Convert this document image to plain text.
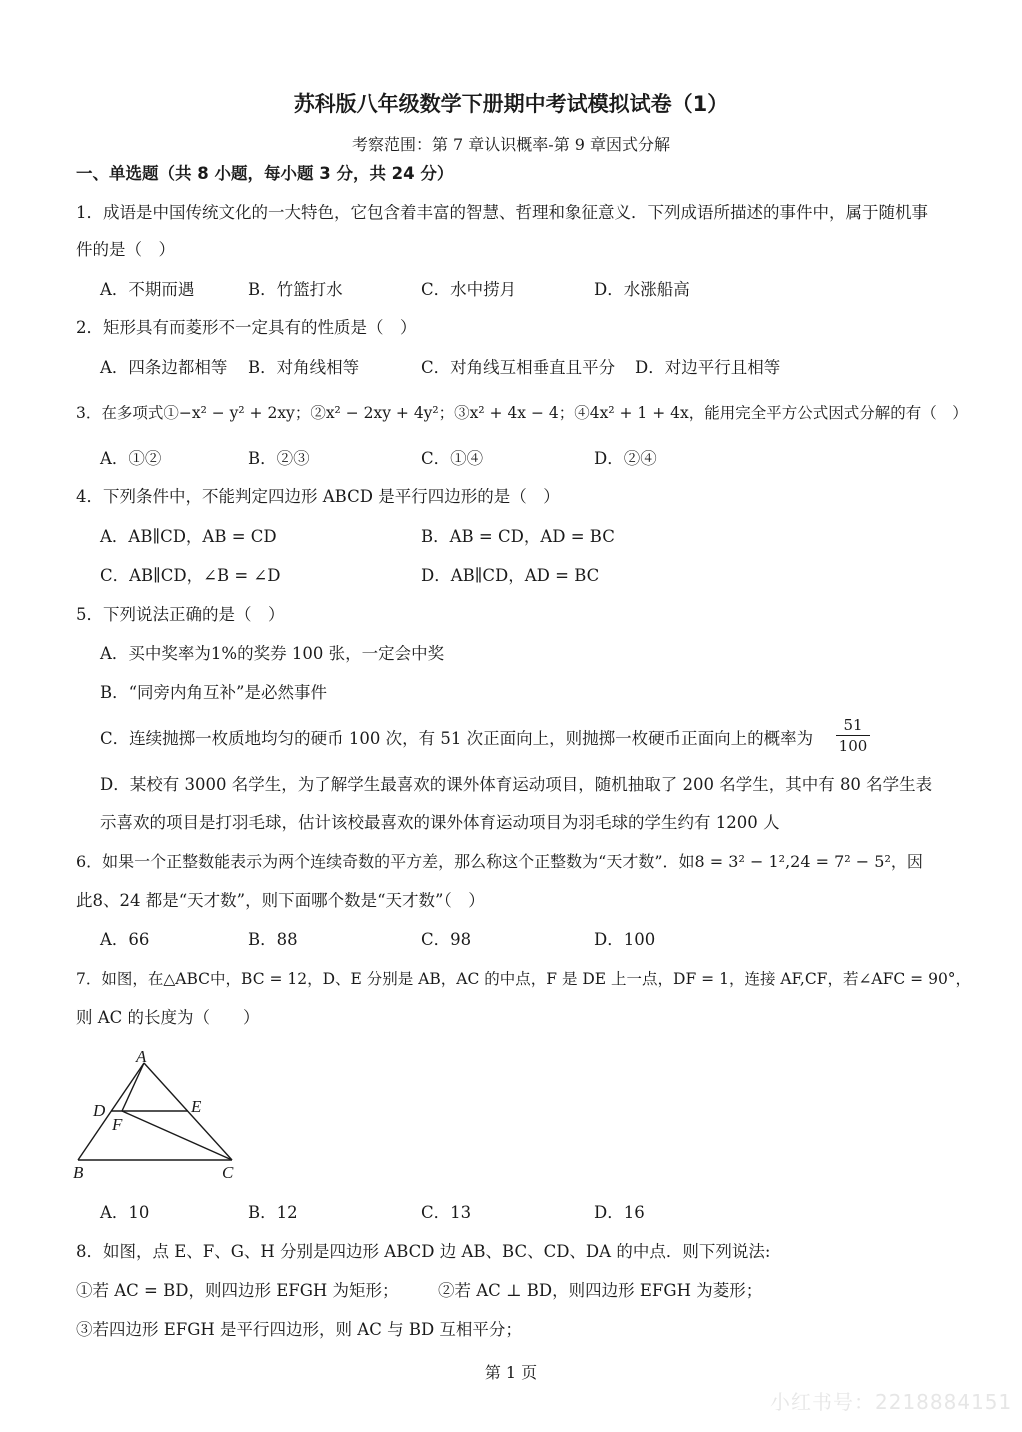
苏科版八年级数学下册期中考试模拟试卷（1）
考察范围：第 7 章认识概率-第 9 章因式分解
一、单选题（共 8 小题，每小题 3 分，共 24 分）
1．成语是中国传统文化的一大特色，它包含着丰富的智慧、哲理和象征意义．下列成语所描述的事件中，属于随机事
件的是（　）
A．不期而遇	B．竹篮打水	C．水中捞月	D．水涨船高
2．矩形具有而菱形不一定具有的性质是（　）
A．四条边都相等 B．对角线相等	C．对角线互相垂直且平分 D．对边平行且相等
3．在多项式①−x² − y² + 2xy；②x² − 2xy + 4y²；③x² + 4x − 4；④4x² + 1 + 4x，能用完全平方公式因式分解的有（　）
A．①②	B．②③	C．①④	D．②④
4．下列条件中，不能判定四边形 ABCD 是平行四边形的是（　）
A．AB∥CD，AB = CD	B．AB = CD，AD = BC
C．AB∥CD，∠B = ∠D	D．AB∥CD，AD = BC
5．下列说法正确的是（　）
A．买中奖率为1%的奖券 100 张，一定会中奖
B．“同旁内角互补”是必然事件
C．连续抛掷一枚质地均匀的硬币 100 次，有 51 次正面向上，则抛掷一枚硬币正面向上的概率为 $\frac{51}{100}$
D．某校有 3000 名学生，为了解学生最喜欢的课外体育运动项目，随机抽取了 200 名学生，其中有 80 名学生表
示喜欢的项目是打羽毛球，估计该校最喜欢的课外体育运动项目为羽毛球的学生约有 1200 人
6．如果一个正整数能表示为两个连续奇数的平方差，那么称这个正整数为“天才数”．如8 = 3² − 1²,24 = 7² − 5²，因
此8、24 都是“天才数”，则下面哪个数是“天才数”（　）
A．66	B．88	C．98	D．100
7．如图，在△ABC中，BC = 12，D、E 分别是 AB，AC 的中点，F 是 DE 上一点，DF = 1，连接 AF,CF，若∠AFC = 90°，
则 AC 的长度为（　　）
A
B	C
D	E
F
A．10	B．12	C．13	D．16
8．如图，点 E、F、G、H 分别是四边形 ABCD 边 AB、BC、CD、DA 的中点．则下列说法:
①若 AC = BD，则四边形 EFGH 为矩形； ②若 AC ⊥ BD，则四边形 EFGH 为菱形；
③若四边形 EFGH 是平行四边形，则 AC 与 BD 互相平分；
第 1 页
小红书号：2218884151
